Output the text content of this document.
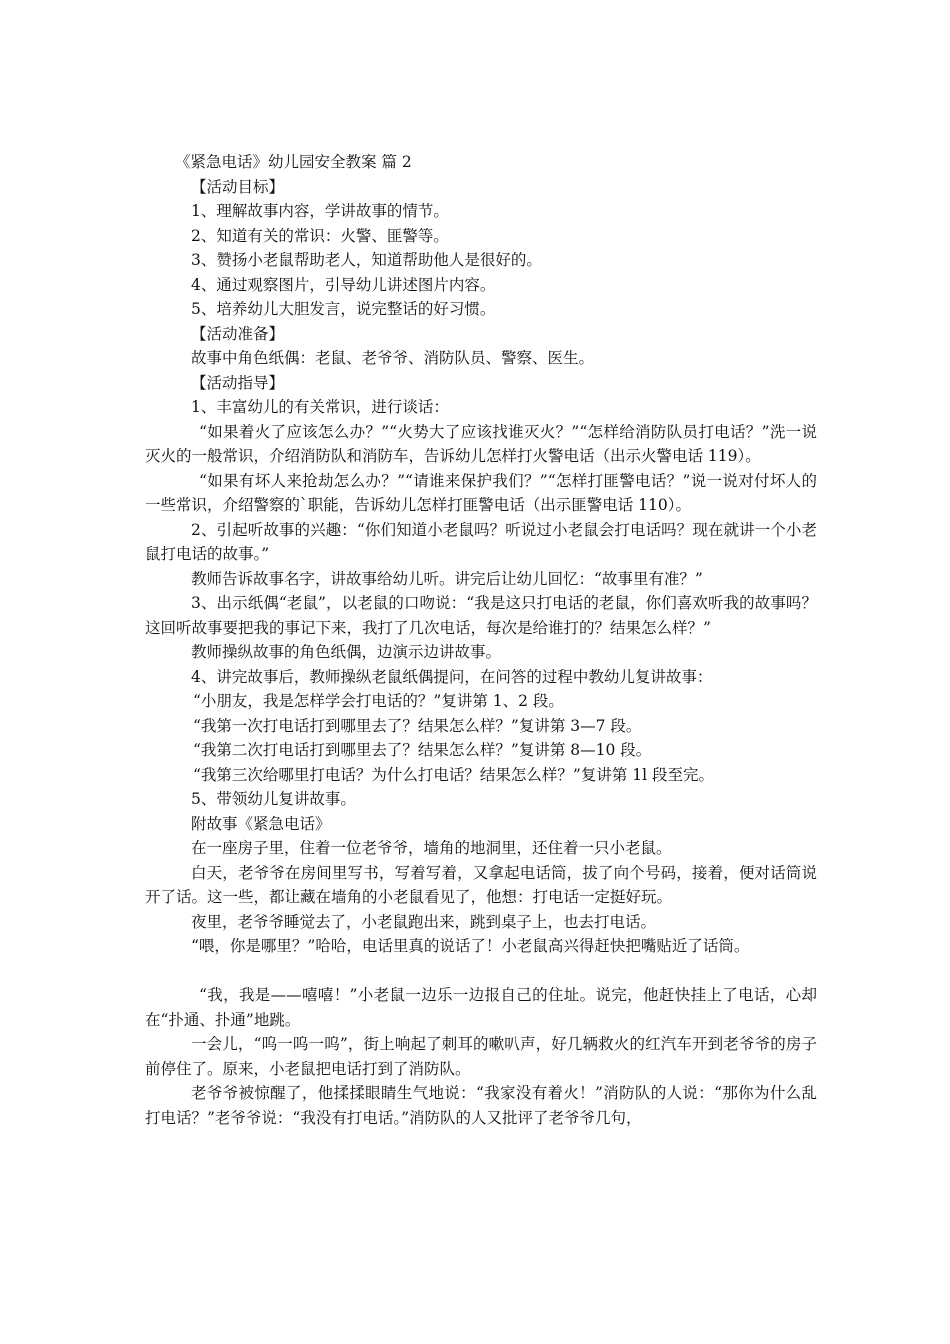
《紧急电话》幼儿园安全教案 篇 2

【活动目标】

1、理解故事内容，学讲故事的情节。

2、知道有关的常识：火警、匪警等。

3、赞扬小老鼠帮助老人，知道帮助他人是很好的。

4、通过观察图片，引导幼儿讲述图片内容。

5、培养幼儿大胆发言，说完整话的好习惯。

【活动准备】

故事中角色纸偶：老鼠、老爷爷、消防队员、警察、医生。

【活动指导】

1、丰富幼儿的有关常识，进行谈话：

“如果着火了应该怎么办？”“火势大了应该找谁灭火？”“怎样给消防队员打电话？”洗一说灭火的一般常识，介绍消防队和消防车，告诉幼儿怎样打火警电话（出示火警电话 119）。

“如果有坏人来抢劫怎么办？”“请谁来保护我们？”“怎样打匪警电话？”说一说对付坏人的一些常识，介绍警察的`职能，告诉幼儿怎样打匪警电话（出示匪警电话 110）。

2、引起听故事的兴趣：“你们知道小老鼠吗？听说过小老鼠会打电话吗？现在就讲一个小老鼠打电话的故事。”

教师告诉故事名字，讲故事给幼儿听。讲完后让幼儿回忆：“故事里有准？”

3、出示纸偶“老鼠”，以老鼠的口吻说：“我是这只打电话的老鼠，你们喜欢听我的故事吗？这回听故事要把我的事记下来，我打了几次电话，每次是给谁打的？结果怎么样？”

教师操纵故事的角色纸偶，边演示边讲故事。

4、讲完故事后，教师操纵老鼠纸偶提问，在问答的过程中教幼儿复讲故事：

“小朋友，我是怎样学会打电话的？”复讲第 1、2 段。

“我第一次打电话打到哪里去了？结果怎么样？”复讲第 3—7 段。

“我第二次打电话打到哪里去了？结果怎么样？”复讲第 8—10 段。

“我第三次给哪里打电话？为什么打电话？结果怎么样？”复讲第 1l 段至完。

5、带领幼儿复讲故事。

附故事《紧急电话》

在一座房子里，住着一位老爷爷，墙角的地洞里，还住着一只小老鼠。

白天，老爷爷在房间里写书，写着写着，又拿起电话筒，拔了向个号码，接着，便对话筒说开了话。这一些，都让藏在墙角的小老鼠看见了，他想：打电话一定挺好玩。

夜里，老爷爷睡觉去了，小老鼠跑出来，跳到桌子上，也去打电话。

“喂，你是哪里？”哈哈，电话里真的说话了！小老鼠高兴得赶快把嘴贴近了话筒。

“我，我是——嘻嘻！”小老鼠一边乐一边报自己的住址。说完，他赶快挂上了电话，心却在“扑通、扑通”地跳。

一会儿，“呜一呜一呜”，街上响起了刺耳的嗽叭声，好几辆救火的红汽车开到老爷爷的房子前停住了。原来，小老鼠把电话打到了消防队。

老爷爷被惊醒了，他揉揉眼睛生气地说：“我家没有着火！”消防队的人说：“那你为什么乱打电话？”老爷爷说：“我没有打电话。”消防队的人又批评了老爷爷几句，
